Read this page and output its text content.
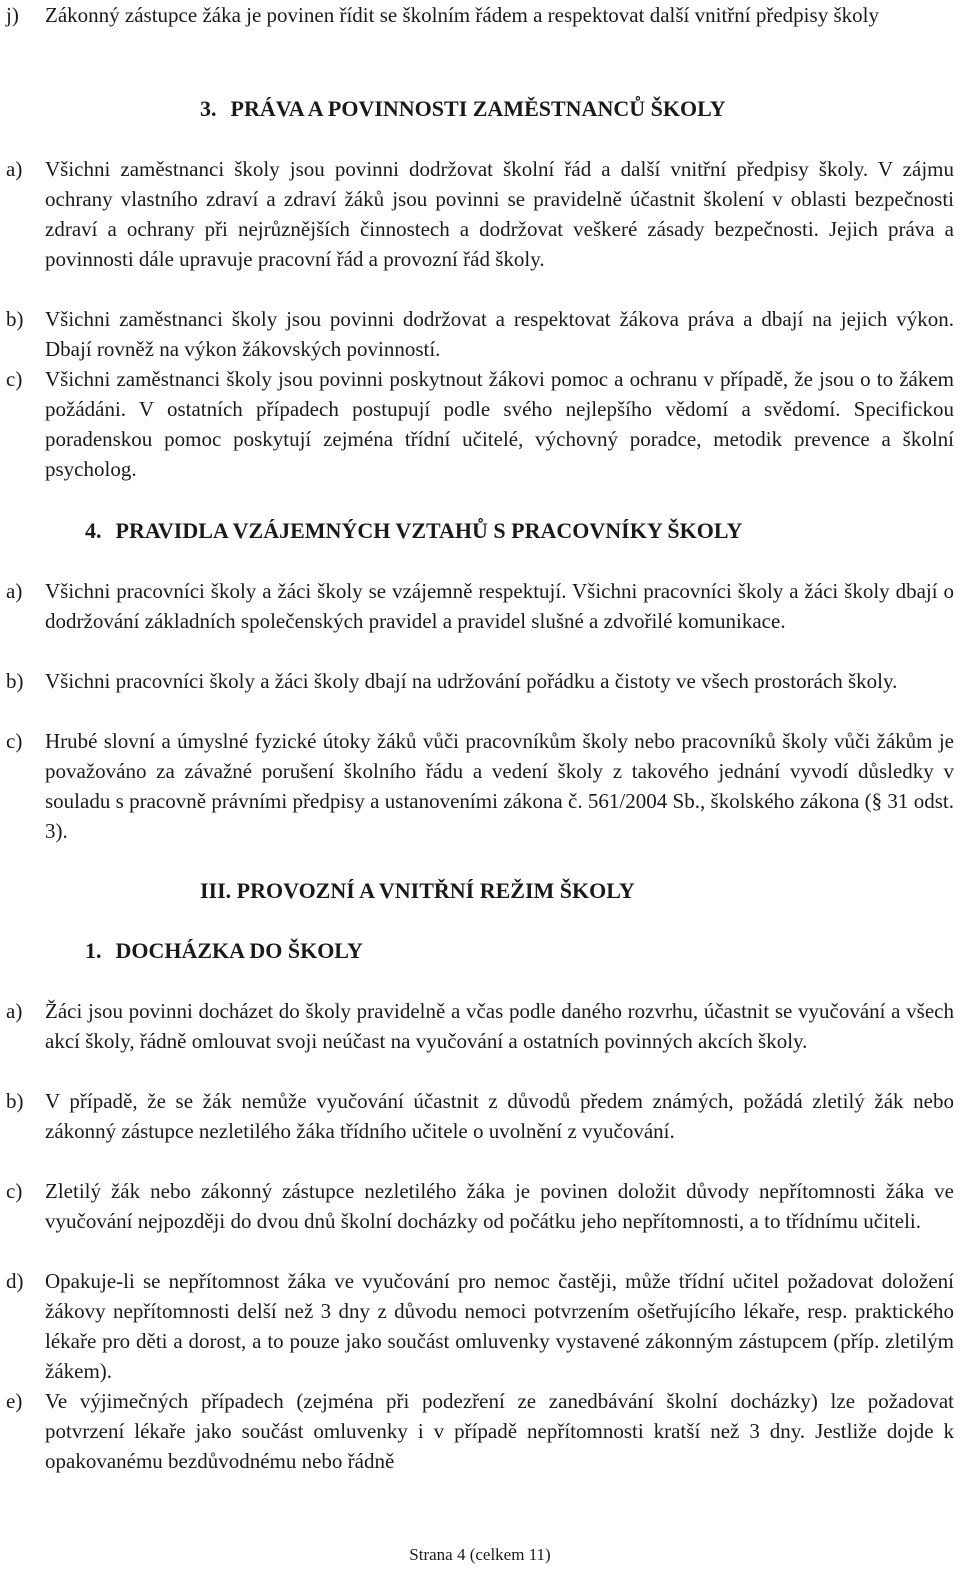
j) Zákonný zástupce žáka je povinen řídit se školním řádem a respektovat další vnitřní předpisy školy
3. PRÁVA A POVINNOSTI ZAMĚSTNANCŮ ŠKOLY
a) Všichni zaměstnanci školy jsou povinni dodržovat školní řád a další vnitřní předpisy školy. V zájmu ochrany vlastního zdraví a zdraví žáků jsou povinni se pravidelně účastnit školení v oblasti bezpečnosti zdraví a ochrany při nejrůznějších činnostech a dodržovat veškeré zásady bezpečnosti. Jejich práva a povinnosti dále upravuje pracovní řád a provozní řád školy.
b) Všichni zaměstnanci školy jsou povinni dodržovat a respektovat žákova práva a dbají na jejich výkon. Dbají rovněž na výkon žákovských povinností.
c) Všichni zaměstnanci školy jsou povinni poskytnout žákovi pomoc a ochranu v případě, že jsou o to žákem požádáni. V ostatních případech postupují podle svého nejlepšího vědomí a svědomí. Specifickou poradenskou pomoc poskytují zejména třídní učitelé, výchovný poradce, metodik prevence a školní psycholog.
4. PRAVIDLA VZÁJEMNÝCH VZTAHŮ S PRACOVNÍKY ŠKOLY
a) Všichni pracovníci školy a žáci školy se vzájemně respektují. Všichni pracovníci školy a žáci školy dbají o dodržování základních společenských pravidel a pravidel slušné a zdvořilé komunikace.
b) Všichni pracovníci školy a žáci školy dbají na udržování pořádku a čistoty ve všech prostorách školy.
c) Hrubé slovní a úmyslné fyzické útoky žáků vůči pracovníkům školy nebo pracovníků školy vůči žákům je považováno za závažné porušení školního řádu a vedení školy z takového jednání vyvodí důsledky v souladu s pracovně právními předpisy a ustanoveními zákona č. 561/2004 Sb., školského zákona (§ 31 odst. 3).
III. PROVOZNÍ A VNITŘNÍ REŽIM ŠKOLY
1. DOCHÁZKA DO ŠKOLY
a) Žáci jsou povinni docházet do školy pravidelně a včas podle daného rozvrhu, účastnit se vyučování a všech akcí školy, řádně omlouvat svoji neúčast na vyučování a ostatních povinných akcích školy.
b) V případě, že se žák nemůže vyučování účastnit z důvodů předem známých, požádá zletilý žák nebo zákonný zástupce nezletilého žáka třídního učitele o uvolnění z vyučování.
c) Zletilý žák nebo zákonný zástupce nezletilého žáka je povinen doložit důvody nepřítomnosti žáka ve vyučování nejpozději do dvou dnů školní docházky od počátku jeho nepřítomnosti, a to třídnímu učiteli.
d) Opakuje-li se nepřítomnost žáka ve vyučování pro nemoc častěji, může třídní učitel požadovat doložení žákovy nepřítomnosti delší než 3 dny z důvodu nemoci potvrzením ošetřujícího lékaře, resp. praktického lékaře pro děti a dorost, a to pouze jako součást omluvenky vystavené zákonným zástupcem (příp. zletilým žákem).
e) Ve výjimečných případech (zejména při podezření ze zanedbávání školní docházky) lze požadovat potvrzení lékaře jako součást omluvenky i v případě nepřítomnosti kratší než 3 dny. Jestliže dojde k opakovanému bezdůvodnému nebo řádně
Strana 4 (celkem 11)
